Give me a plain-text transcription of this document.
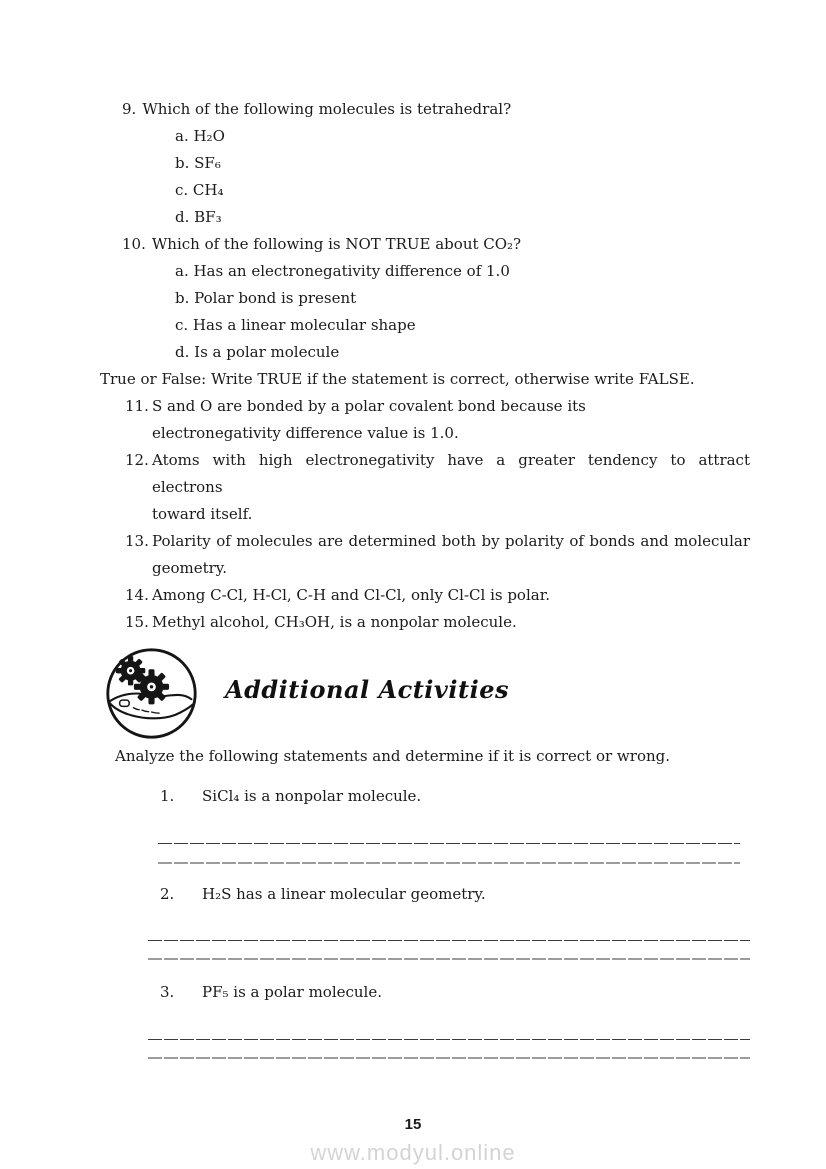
9. Which of the following molecules is tetrahedral?
a. H₂O
b. SF₆
c. CH₄
d. BF₃
10. Which of the following is NOT TRUE about CO₂?
a. Has an electronegativity difference of 1.0
b. Polar bond is present
c. Has a linear molecular shape
d. Is a polar molecule
True or False: Write TRUE if the statement is correct, otherwise write FALSE.
11. S and O are bonded by a polar covalent bond because its
electronegativity difference value is 1.0.
12. Atoms with high electronegativity have a greater tendency to attract electrons
toward itself.
13. Polarity of molecules are determined both by polarity of bonds and molecular
geometry.
14. Among C-Cl, H-Cl, C-H and Cl-Cl, only Cl-Cl is polar.
15. Methyl alcohol, CH₃OH, is a nonpolar molecule.
Additional Activities

Analyze the following statements and determine if it is correct or wrong.

1.	SiCl₄ is a nonpolar molecule.
2.	H₂S has a linear molecular geometry.
3.	PF₅ is a polar molecule.
15
www.modyul.online
